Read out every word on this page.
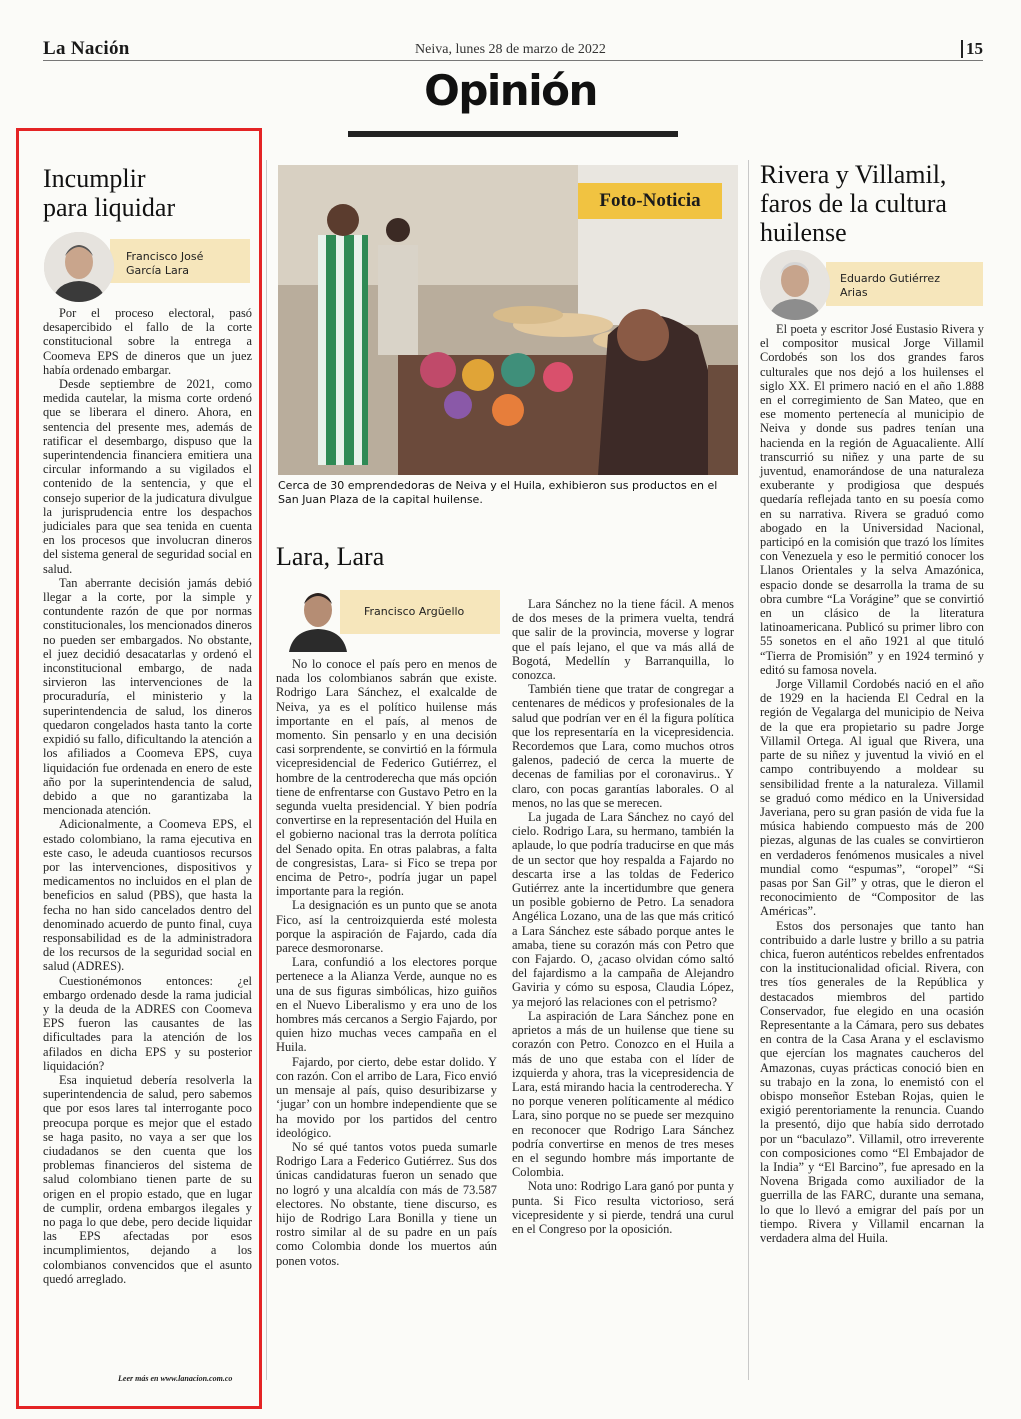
La Nación	Neiva, lunes 28 de marzo de 2022	15
Opinión
Incumplir
para liquidar
Francisco José
García Lara

Por el proceso electoral, pasó desapercibido el fallo de la corte constitucional sobre la entrega a Coomeva EPS de dineros que un juez había ordenado embargar.

Desde septiembre de 2021, como medida cautelar, la misma corte ordenó que se liberara el dinero. Ahora, en sentencia del presente mes, además de ratificar el desembargo, dispuso que la superintendencia financiera emitiera una circular informando a su vigilados el contenido de la sentencia, y que el consejo superior de la judicatura divulgue la jurisprudencia entre los despachos judiciales para que sea tenida en cuenta en los procesos que involucran dineros del sistema general de seguridad social en salud.

Tan aberrante decisión jamás debió llegar a la corte, por la simple y contundente razón de que por normas constitucionales, los mencionados dineros no pueden ser embargados. No obstante, el juez decidió desacatarlas y ordenó el inconstitucional embargo, de nada sirvieron las intervenciones de la procuraduría, el ministerio y la superintendencia de salud, los dineros quedaron congelados hasta tanto la corte expidió su fallo, dificultando la atención a los afiliados a Coomeva EPS, cuya liquidación fue ordenada en enero de este año por la superintendencia de salud, debido a que no garantizaba la mencionada atención.

Adicionalmente, a Coomeva EPS, el estado colombiano, la rama ejecutiva en este caso, le adeuda cuantiosos recursos por las intervenciones, dispositivos y medicamentos no incluidos en el plan de beneficios en salud (PBS), que hasta la fecha no han sido cancelados dentro del denominado acuerdo de punto final, cuya responsabilidad es de la administradora de los recursos de la seguridad social en salud (ADRES).

Cuestionémonos entonces: ¿el embargo ordenado desde la rama judicial y la deuda de la ADRES con Coomeva EPS fueron las causantes de las dificultades para la atención de los afilados en dicha EPS y su posterior liquidación?

Esa inquietud debería resolverla la superintendencia de salud, pero sabemos que por esos lares tal interrogante poco preocupa porque es mejor que el estado se haga pasito, no vaya a ser que los ciudadanos se den cuenta que los problemas financieros del sistema de salud colombiano tienen parte de su origen en el propio estado, que en lugar de cumplir, ordena embargos ilegales y no paga lo que debe, pero decide liquidar las EPS afectadas por esos incumplimientos, dejando a los colombianos convencidos que el asunto quedó arreglado.

Leer más en www.lanacion.com.co
Foto-Noticia
Cerca de 30 emprendedoras de Neiva y el Huila, exhibieron sus productos en el San Juan Plaza de la capital huilense.
Lara, Lara
Francisco Argüello

No lo conoce el país pero en menos de nada los colombianos sabrán que existe. Rodrigo Lara Sánchez, el exalcalde de Neiva, ya es el político huilense más importante en el país, al menos de momento. Sin pensarlo y en una decisión casi sorprendente, se convirtió en la fórmula vicepresidencial de Federico Gutiérrez, el hombre de la centroderecha que más opción tiene de enfrentarse con Gustavo Petro en la segunda vuelta presidencial. Y bien podría convertirse en la representación del Huila en el gobierno nacional tras la derrota política del Senado opita. En otras palabras, a falta de congresistas, Lara- si Fico se trepa por encima de Petro-, podría jugar un papel importante para la región.

La designación es un punto que se anota Fico, así la centroizquierda esté molesta porque la aspiración de Fajardo, cada día parece desmoronarse.

Lara, confundió a los electores porque pertenece a la Alianza Verde, aunque no es una de sus figuras simbólicas, hizo guiños en el Nuevo Liberalismo y era uno de los hombres más cercanos a Sergio Fajardo, por quien hizo muchas veces campaña en el Huila.

Fajardo, por cierto, debe estar dolido. Y con razón. Con el arribo de Lara, Fico envió un mensaje al país, quiso desuribizarse y ‘jugar’ con un hombre independiente que se ha movido por los partidos del centro ideológico.

No sé qué tantos votos pueda sumarle Rodrigo Lara a Federico Gutiérrez. Sus dos únicas candidaturas fueron un senado que no logró y una alcaldía con más de 73.587 electores. No obstante, tiene discurso, es hijo de Rodrigo Lara Bonilla y tiene un rostro similar al de su padre en un país como Colombia donde los muertos aún ponen votos.

Lara Sánchez no la tiene fácil. A menos de dos meses de la primera vuelta, tendrá que salir de la provincia, moverse y lograr que el país lejano, el que va más allá de Bogotá, Medellín y Barranquilla, lo conozca.

También tiene que tratar de congregar a centenares de médicos y profesionales de la salud que podrían ver en él la figura política que los representaría en la vicepresidencia. Recordemos que Lara, como muchos otros galenos, padeció de cerca la muerte de decenas de familias por el coronavirus.. Y claro, con pocas garantías laborales. O al menos, no las que se merecen.

La jugada de Lara Sánchez no cayó del cielo. Rodrigo Lara, su hermano, también la aplaude, lo que podría traducirse en que más de un sector que hoy respalda a Fajardo no descarta irse a las toldas de Federico Gutiérrez ante la incertidumbre que genera un posible gobierno de Petro. La senadora Angélica Lozano, una de las que más criticó a Lara Sánchez este sábado porque antes le amaba, tiene su corazón más con Petro que con Fajardo. O, ¿acaso olvidan cómo saltó del fajardismo a la campaña de Alejandro Gaviria y cómo su esposa, Claudia López, ya mejoró las relaciones con el petrismo?

La aspiración de Lara Sánchez pone en aprietos a más de un huilense que tiene su corazón con Petro. Conozco en el Huila a más de uno que estaba con el líder de izquierda y ahora, tras la vicepresidencia de Lara, está mirando hacia la centroderecha. Y no porque veneren políticamente al médico Lara, sino porque no se puede ser mezquino en reconocer que Rodrigo Lara Sánchez podría convertirse en menos de tres meses en el segundo hombre más importante de Colombia.

Nota uno: Rodrigo Lara ganó por punta y punta. Si Fico resulta victorioso, será vicepresidente y si pierde, tendrá una curul en el Congreso por la oposición.

Rivera y Villamil,
faros de la cultura
huilense
Eduardo Gutiérrez
Arias

El poeta y escritor José Eustasio Rivera y el compositor musical Jorge Villamil Cordobés son los dos grandes faros culturales que nos dejó a los huilenses el siglo XX. El primero nació en el año 1.888 en el corregimiento de San Mateo, que en ese momento pertenecía al municipio de Neiva y donde sus padres tenían una hacienda en la región de Aguacaliente. Allí transcurrió su niñez y una parte de su juventud, enamorándose de una naturaleza exuberante y prodigiosa que después quedaría reflejada tanto en su poesía como en su narrativa. Rivera se graduó como abogado en la Universidad Nacional, participó en la comisión que trazó los límites con Venezuela y eso le permitió conocer los Llanos Orientales y la selva Amazónica, espacio donde se desarrolla la trama de su obra cumbre “La Vorágine” que se convirtió en un clásico de la literatura latinoamericana. Publicó su primer libro con 55 sonetos en el año 1921 al que tituló “Tierra de Promisión” y en 1924 terminó y editó su famosa novela.

Jorge Villamil Cordobés nació en el año de 1929 en la hacienda El Cedral en la región de Vegalarga del municipio de Neiva de la que era propietario su padre Jorge Villamil Ortega. Al igual que Rivera, una parte de su niñez y juventud la vivió en el campo contribuyendo a moldear su sensibilidad frente a la naturaleza. Villamil se graduó como médico en la Universidad Javeriana, pero su gran pasión de vida fue la música habiendo compuesto más de 200 piezas, algunas de las cuales se convirtieron en verdaderos fenómenos musicales a nivel mundial como “espumas”, “oropel” “Si pasas por San Gil” y otras, que le dieron el reconocimiento de “Compositor de las Américas”.

Estos dos personajes que tanto han contribuido a darle lustre y brillo a su patria chica, fueron auténticos rebeldes enfrentados con la institucionalidad oficial. Rivera, con tres tíos generales de la República y destacados miembros del partido Conservador, fue elegido en una ocasión Representante a la Cámara, pero sus debates en contra de la Casa Arana y el esclavismo que ejercían los magnates caucheros del Amazonas, cuyas prácticas conoció bien en su trabajo en la zona, lo enemistó con el obispo monseñor Esteban Rojas, quien le exigió perentoriamente la renuncia. Cuando la presentó, dijo que había sido derrotado por un “baculazo”. Villamil, otro irreverente con composiciones como “El Embajador de la India” y “El Barcino”, fue apresado en la Novena Brigada como auxiliador de la guerrilla de las FARC, durante una semana, lo que lo llevó a emigrar del país por un tiempo. Rivera y Villamil encarnan la verdadera alma del Huila.
